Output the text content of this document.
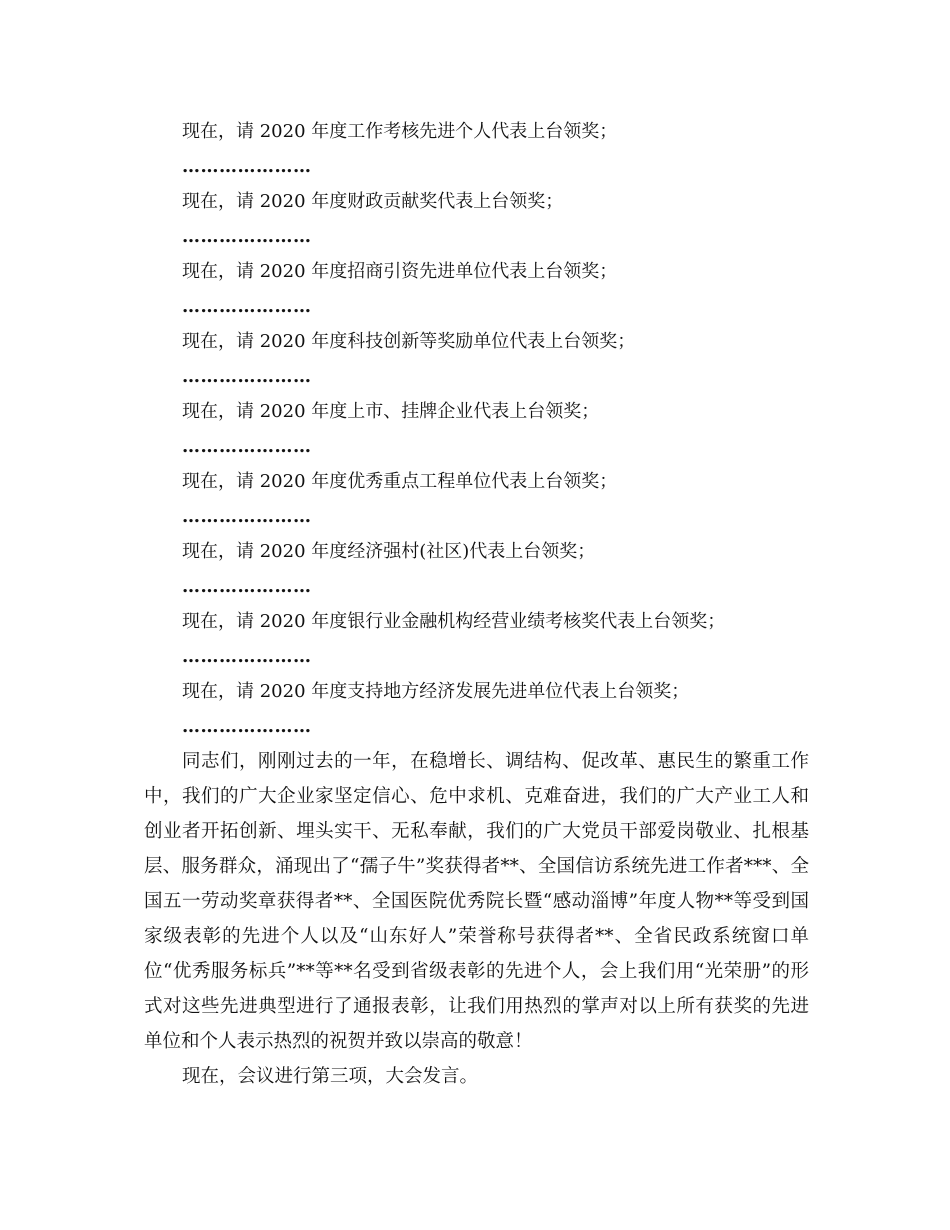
现在，请 2020 年度工作考核先进个人代表上台领奖；
…………………
现在，请 2020 年度财政贡献奖代表上台领奖；
…………………
现在，请 2020 年度招商引资先进单位代表上台领奖；
…………………
现在，请 2020 年度科技创新等奖励单位代表上台领奖；
…………………
现在，请 2020 年度上市、挂牌企业代表上台领奖；
…………………
现在，请 2020 年度优秀重点工程单位代表上台领奖；
…………………
现在，请 2020 年度经济强村(社区)代表上台领奖；
…………………
现在，请 2020 年度银行业金融机构经营业绩考核奖代表上台领奖；
…………………
现在，请 2020 年度支持地方经济发展先进单位代表上台领奖；
…………………

同志们，刚刚过去的一年，在稳增长、调结构、促改革、惠民生的繁重工作中，我们的广大企业家坚定信心、危中求机、克难奋进，我们的广大产业工人和创业者开拓创新、埋头实干、无私奉献，我们的广大党员干部爱岗敬业、扎根基层、服务群众，涌现出了“孺子牛”奖获得者**、全国信访系统先进工作者***、全国五一劳动奖章获得者**、全国医院优秀院长暨“感动淄博”年度人物**等受到国家级表彰的先进个人以及“山东好人”荣誉称号获得者**、全省民政系统窗口单位“优秀服务标兵”**等**名受到省级表彰的先进个人，会上我们用“光荣册”的形式对这些先进典型进行了通报表彰，让我们用热烈的掌声对以上所有获奖的先进单位和个人表示热烈的祝贺并致以崇高的敬意！

现在，会议进行第三项，大会发言。
